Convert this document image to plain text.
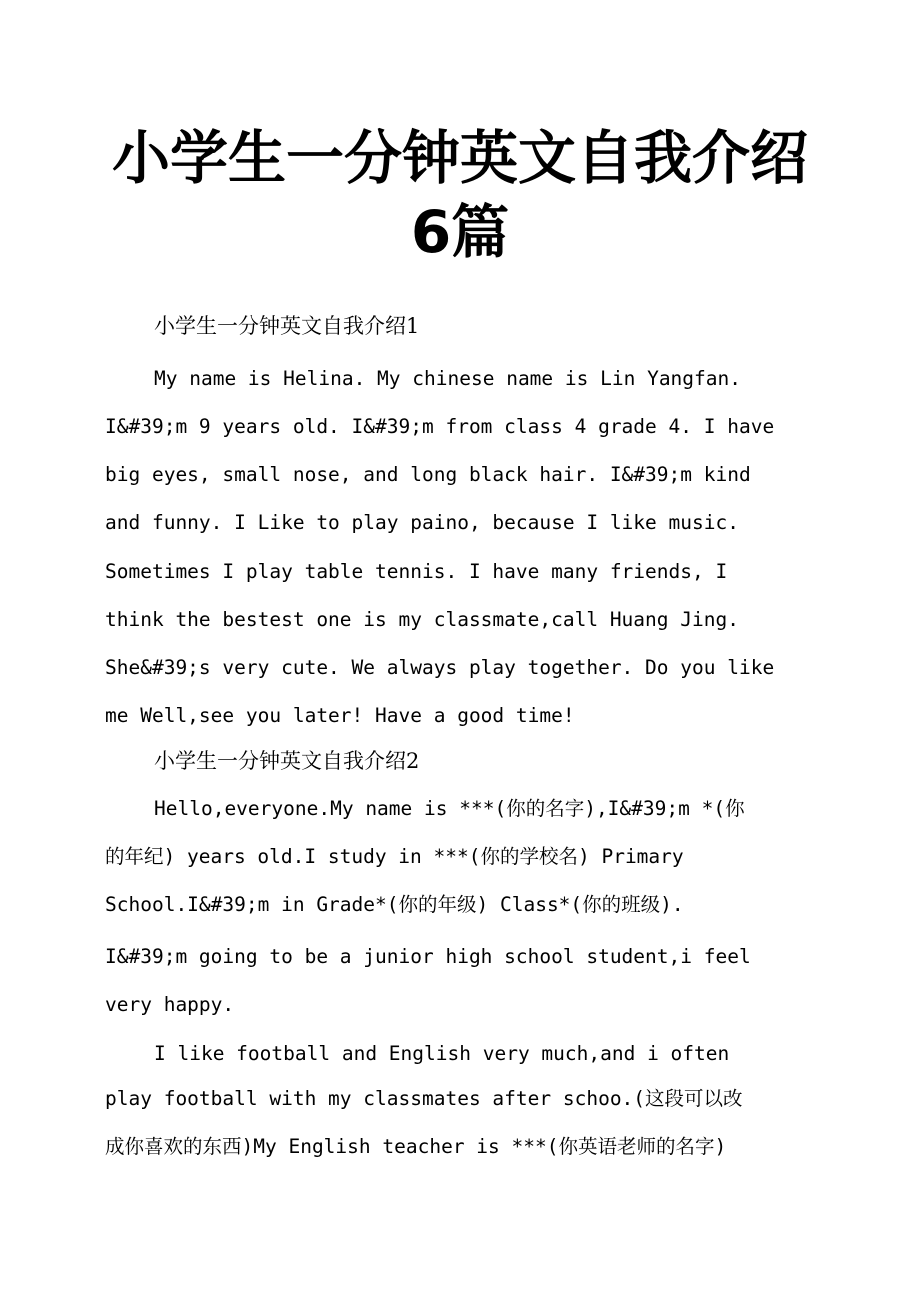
小学生一分钟英文自我介绍
6篇
小学生一分钟英文自我介绍1
My name is Helina. My chinese name is Lin Yangfan.
I&#39;m 9 years old. I&#39;m from class 4 grade 4. I have
big eyes, small nose, and long black hair. I&#39;m kind
and funny. I Like to play paino, because I like music.
Sometimes I play table tennis. I have many friends, I
think the bestest one is my classmate,call Huang Jing.
She&#39;s very cute. We always play together. Do you like
me Well,see you later! Have a good time!
小学生一分钟英文自我介绍2
Hello,everyone.My name is ***(你的名字),I&#39;m *(你
的年纪) years old.I study in ***(你的学校名) Primary
School.I&#39;m in Grade*(你的年级) Class*(你的班级).
I&#39;m going to be a junior high school student,i feel
very happy.
I like football and English very much,and i often
play football with my classmates after schoo.(这段可以改
成你喜欢的东西)My English teacher is ***(你英语老师的名字)
